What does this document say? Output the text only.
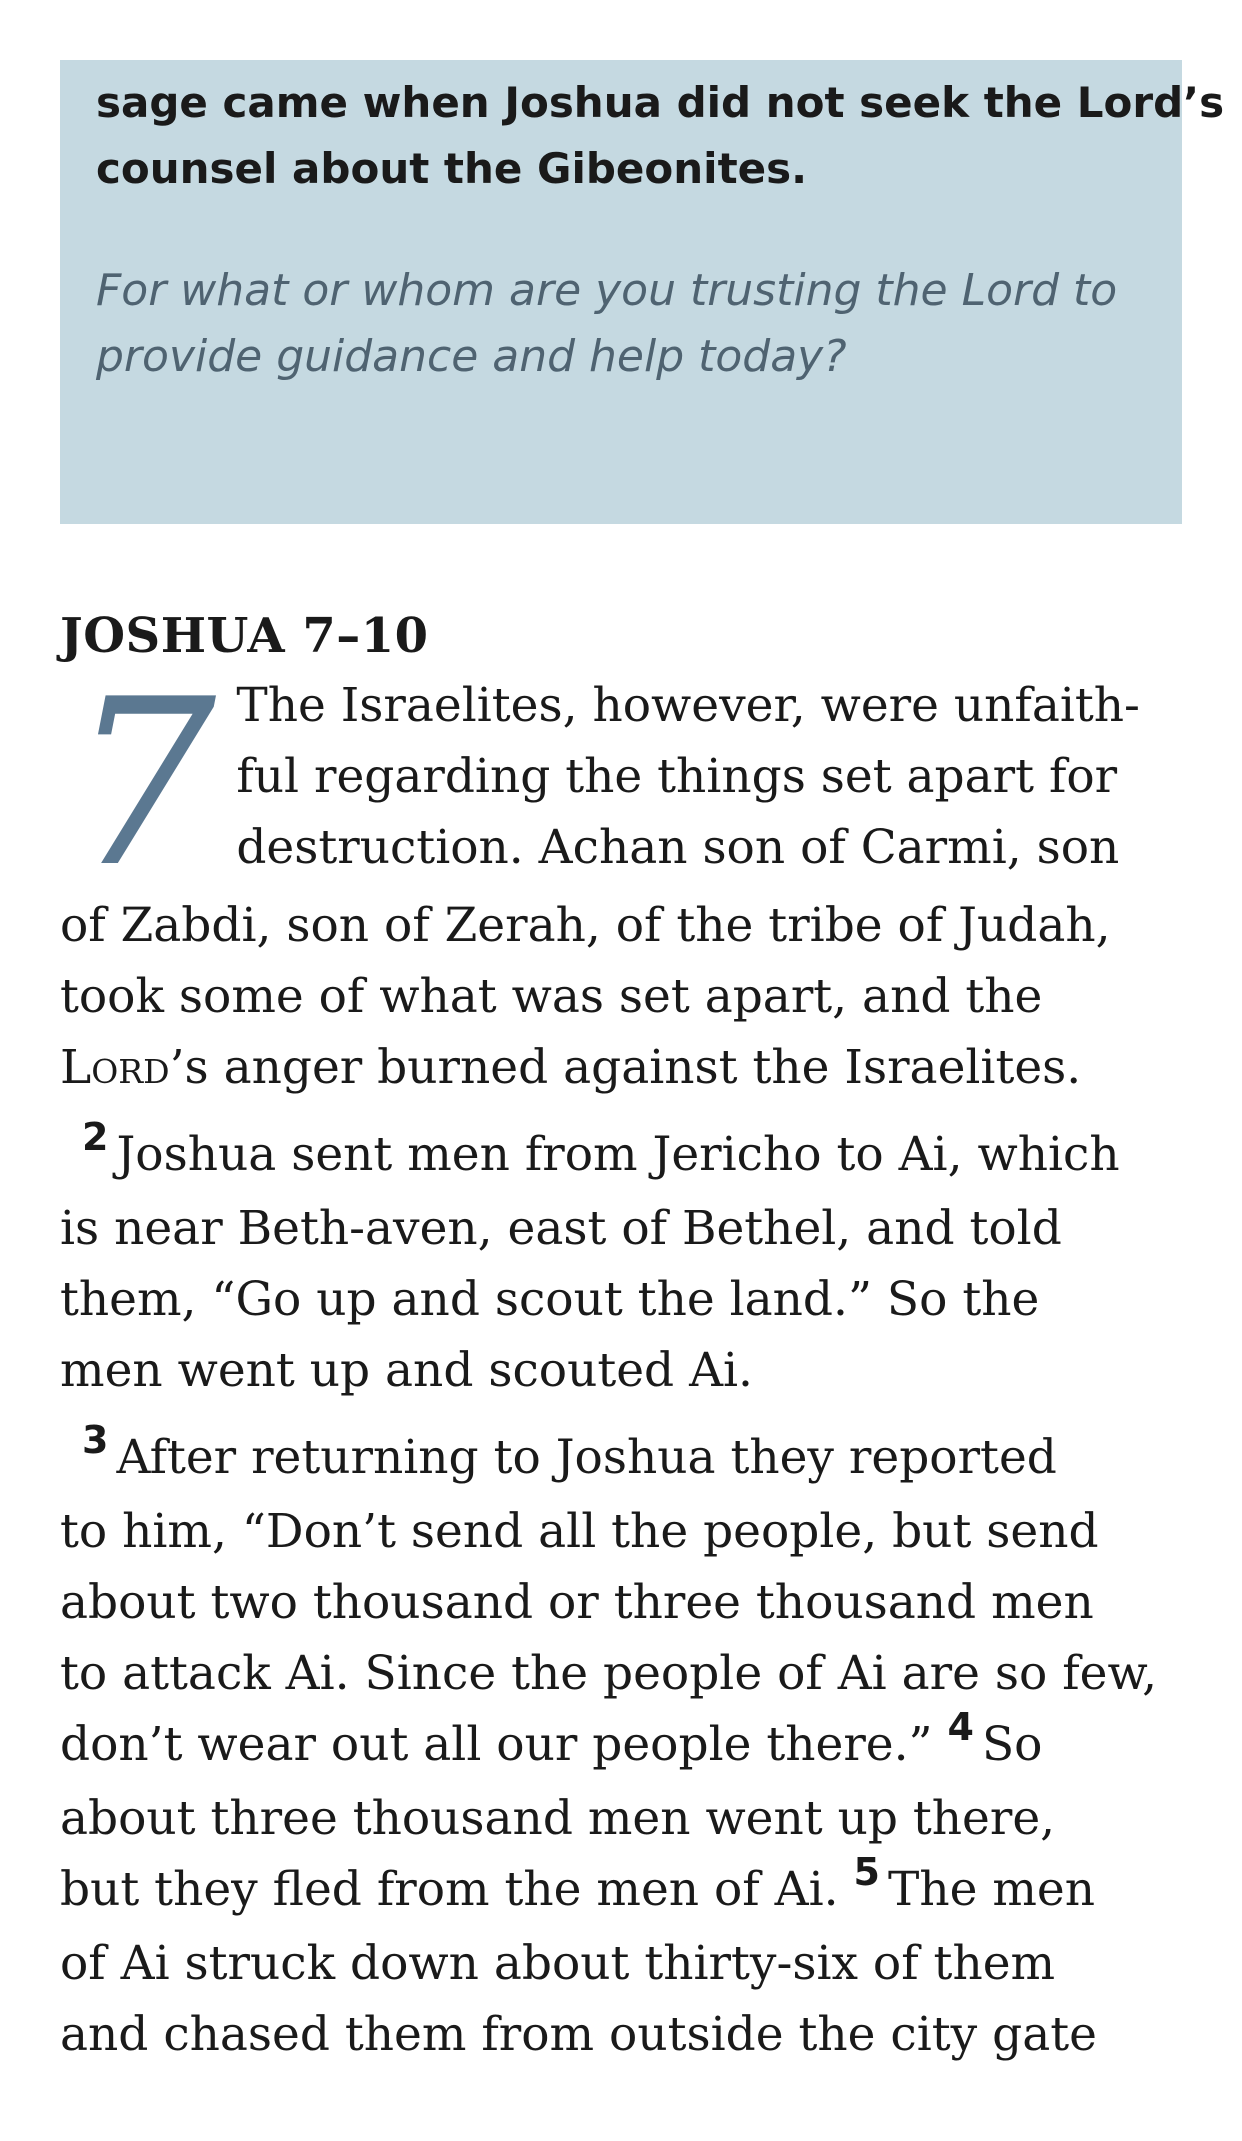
sage came when Joshua did not seek the Lord’s
counsel about the Gibeonites.

For what or whom are you trusting the Lord to
provide guidance and help today?

JOSHUA 7–10
7 The Israelites, however, were unfaith-
ful regarding the things set apart for
destruction. Achan son of Carmi, son
of Zabdi, son of Zerah, of the tribe of Judah,
took some of what was set apart, and the
Lord’s anger burned against the Israelites.
$^2$ Joshua sent men from Jericho to Ai, which
is near Beth-aven, east of Bethel, and told
them, “Go up and scout the land.” So the
men went up and scouted Ai.
$^3$ After returning to Joshua they reported
to him, “Don’t send all the people, but send
about two thousand or three thousand men
to attack Ai. Since the people of Ai are so few,
don’t wear out all our people there.” $^4$ So
about three thousand men went up there,
but they fled from the men of Ai. $^5$ The men
of Ai struck down about thirty-six of them
and chased them from outside the city gate
